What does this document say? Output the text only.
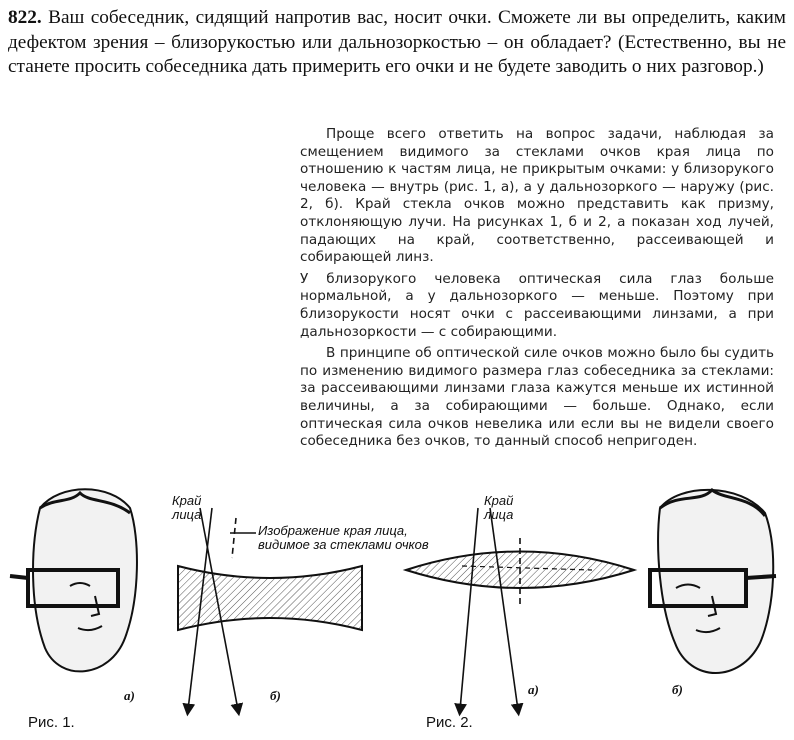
822. Ваш собеседник, сидящий напротив вас, носит очки. Сможете ли вы определить, каким дефектом зрения – близорукостью или дальнозоркостью – он обладает? (Естественно, вы не станете просить собеседника дать примерить его очки и не будете заводить о них разговор.)

Проще всего ответить на вопрос задачи, наблюдая за смещением видимого за стеклами очков края лица по отношению к частям лица, не прикрытым очками: у близорукого человека — внутрь (рис. 1, а), а у дальнозоркого — наружу (рис. 2, б). Край стекла очков можно представить как призму, отклоняющую лучи. На рисунках 1, б и 2, а показан ход лучей, падающих на край, соответственно, рассеивающей и собирающей линз.

У близорукого человека оптическая сила глаз больше нормальной, а у дальнозоркого — меньше. Поэтому при близорукости носят очки с рассеивающими линзами, а при дальнозоркости — с собирающими.

В принципе об оптической силе очков можно было бы судить по изменению видимого размера глаз собеседника за стеклами: за рассеивающими линзами глаза кажутся меньше их истинной величины, а за собирающими — больше. Однако, если оптическая сила очков невелика или если вы не видели своего собеседника без очков, то данный способ непригоден.

Край лица
Край лица
Изображение края лица, видимое за стеклами очков
а)	б)	а)	б)
Рис. 1.	Рис. 2.
